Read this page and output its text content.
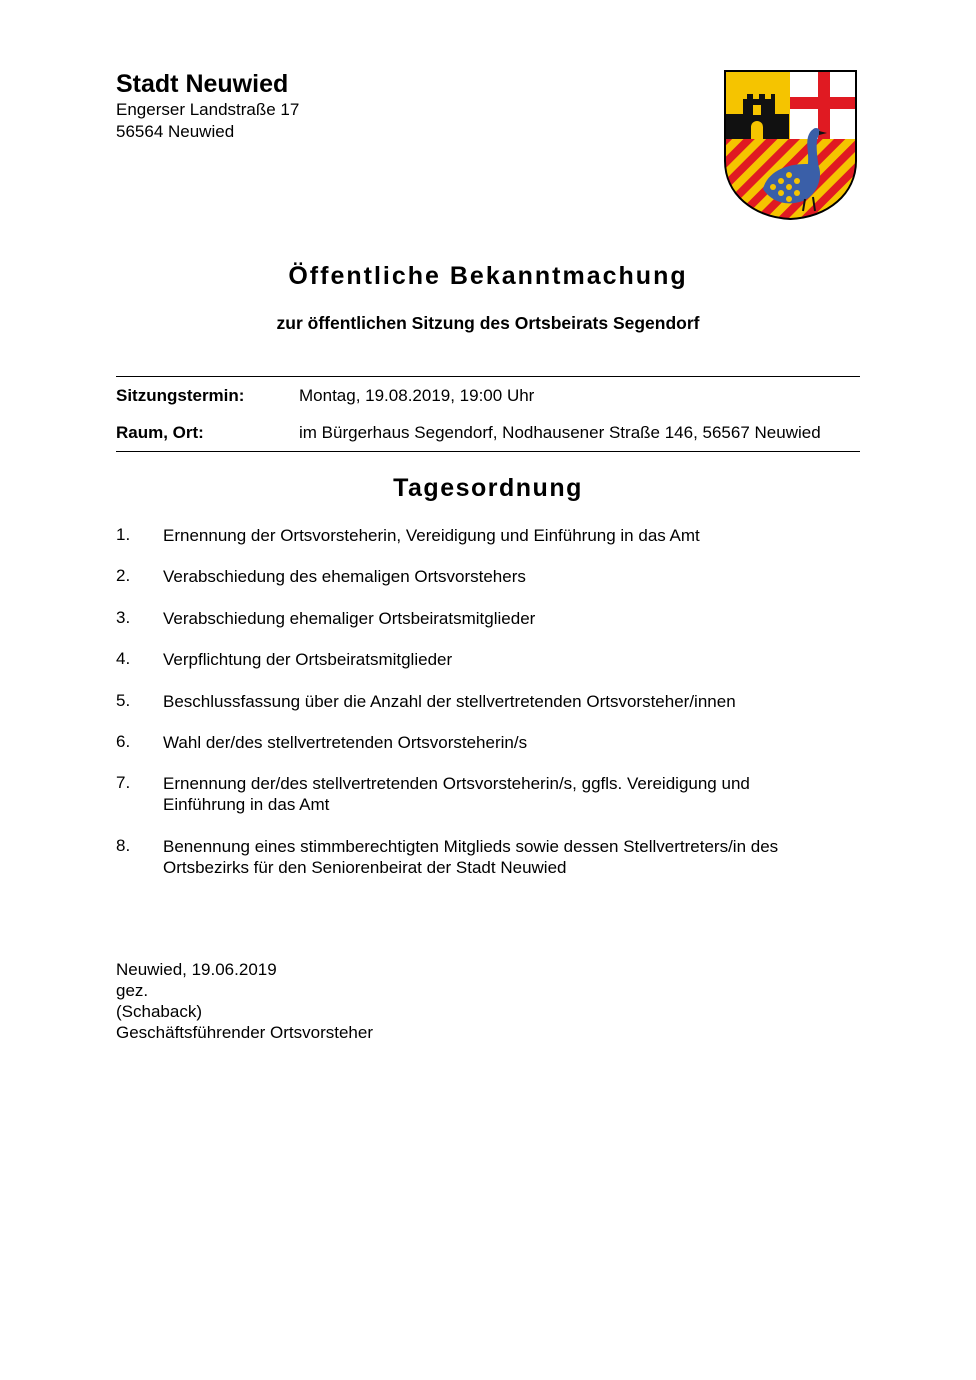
Stadt Neuwied
Engerser Landstraße 17
56564 Neuwied
Öffentliche Bekanntmachung
zur öffentlichen Sitzung des Ortsbeirats Segendorf
Sitzungstermin:	Montag, 19.08.2019, 19:00 Uhr
Raum, Ort:	im Bürgerhaus Segendorf, Nodhausener Straße 146, 56567 Neuwied
Tagesordnung
1. Ernennung der Ortsvorsteherin, Vereidigung und Einführung in das Amt
2. Verabschiedung des ehemaligen Ortsvorstehers
3. Verabschiedung ehemaliger Ortsbeiratsmitglieder
4. Verpflichtung der Ortsbeiratsmitglieder
5. Beschlussfassung über die Anzahl der stellvertretenden Ortsvorsteher/innen
6. Wahl der/des stellvertretenden Ortsvorsteherin/s
7. Ernennung der/des stellvertretenden Ortsvorsteherin/s, ggfls. Vereidigung und Einführung in das Amt
8. Benennung eines stimmberechtigten Mitglieds sowie dessen Stellvertreters/in des Ortsbezirks für den Seniorenbeirat der Stadt Neuwied
Neuwied, 19.06.2019
gez.
(Schaback)
Geschäftsführender Ortsvorsteher
